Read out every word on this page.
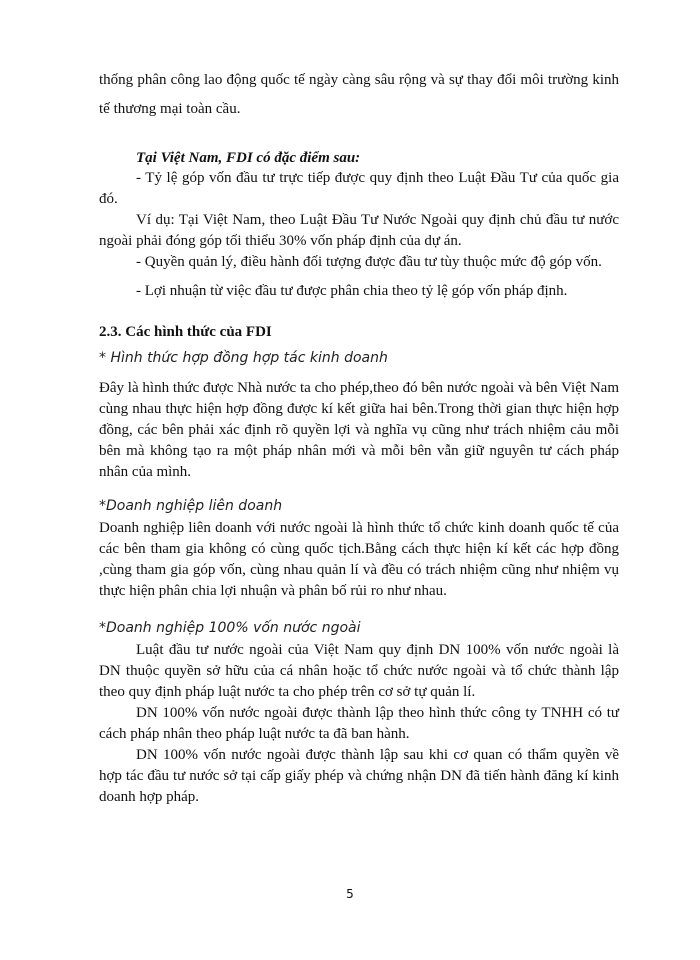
thống phân công lao động quốc tế ngày càng sâu rộng và sự thay đổi môi trường kinh tế thương mại toàn cầu.

Tại Việt Nam, FDI có đặc điểm sau:
- Tỷ lệ góp vốn đầu tư trực tiếp được quy định theo Luật Đầu Tư của quốc gia đó.
Ví dụ: Tại Việt Nam, theo Luật Đầu Tư Nước Ngoài quy định chủ đầu tư nước ngoài phải đóng góp tối thiểu 30% vốn pháp định của dự án.
- Quyền quản lý, điều hành đối tượng được đầu tư tùy thuộc mức độ góp vốn.
- Lợi nhuận từ việc đầu tư được phân chia theo tỷ lệ góp vốn pháp định.
2.3. Các hình thức của FDI
* Hình thức hợp đồng hợp tác kinh doanh

Đây là hình thức được Nhà nước ta cho phép,theo đó bên nước ngoài và bên Việt Nam cùng nhau thực hiện hợp đồng được kí kết giữa hai bên.Trong thời gian thực hiện hợp đồng, các bên phải xác định rõ quyền lợi và nghĩa vụ cũng như trách nhiệm cảu mỗi bên mà không tạo ra một pháp nhân mới và mỗi bên vẫn giữ nguyên tư cách pháp nhân của mình.

*Doanh nghiệp liên doanh

Doanh nghiệp liên doanh với nước ngoài là hình thức tổ chức kinh doanh quốc tế của các bên tham gia không có cùng quốc tịch.Bằng cách thực hiện kí kết các hợp đồng ,cùng tham gia góp vốn, cùng nhau quản lí và đều có trách nhiệm cũng như nhiệm vụ thực hiện phân chia lợi nhuận và phân bố rủi ro như nhau.

*Doanh nghiệp 100% vốn nước ngoài
Luật đầu tư nước ngoài của Việt Nam quy định DN 100% vốn nước ngoài là DN thuộc quyền sở hữu của cá nhân hoặc tổ chức nước ngoài và tổ chức thành lập theo quy định pháp luật nước ta cho phép trên cơ sở tự quản lí.
DN 100% vốn nước ngoài được thành lập theo hình thức công ty TNHH có tư cách pháp nhân theo pháp luật nước ta đã ban hành.
DN 100% vốn nước ngoài được thành lập sau khi cơ quan có thẩm quyền về hợp tác đầu tư nước sở tại cấp giấy phép và chứng nhận DN đã tiến hành đăng kí kinh doanh hợp pháp.
5
